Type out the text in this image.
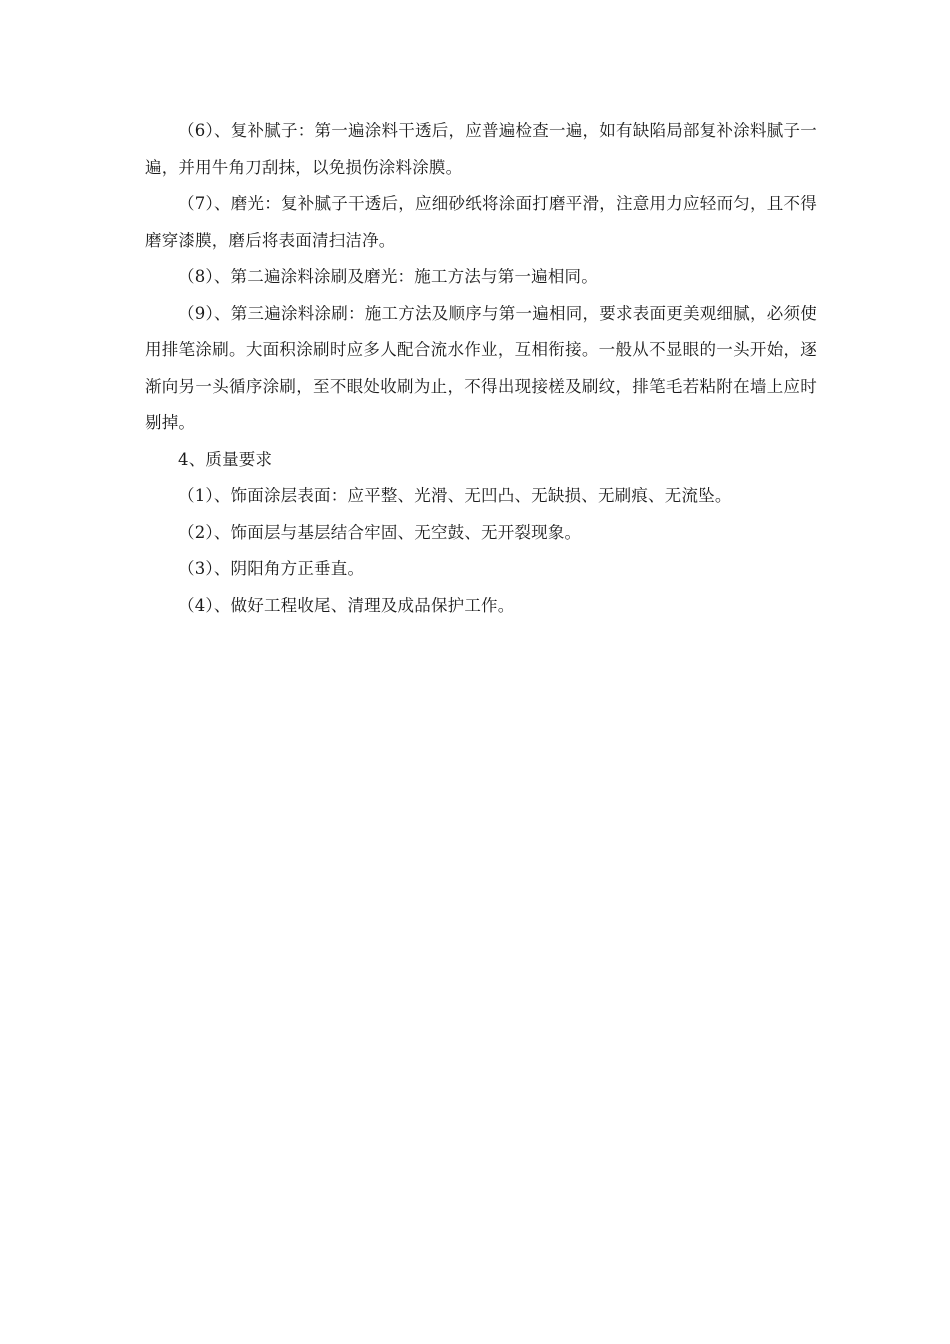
（6）、复补腻子：第一遍涂料干透后，应普遍检查一遍，如有缺陷局部复补涂料腻子一遍，并用牛角刀刮抹，以免损伤涂料涂膜。

（7）、磨光：复补腻子干透后，应细砂纸将涂面打磨平滑，注意用力应轻而匀，且不得磨穿漆膜，磨后将表面清扫洁净。

（8）、第二遍涂料涂刷及磨光：施工方法与第一遍相同。

（9）、第三遍涂料涂刷：施工方法及顺序与第一遍相同，要求表面更美观细腻，必须使用排笔涂刷。大面积涂刷时应多人配合流水作业，互相衔接。一般从不显眼的一头开始，逐渐向另一头循序涂刷，至不眼处收刷为止，不得出现接槎及刷纹，排笔毛若粘附在墙上应时剔掉。

4、质量要求

（1）、饰面涂层表面：应平整、光滑、无凹凸、无缺损、无刷痕、无流坠。

（2）、饰面层与基层结合牢固、无空鼓、无开裂现象。

（3）、阴阳角方正垂直。

（4）、做好工程收尾、清理及成品保护工作。
